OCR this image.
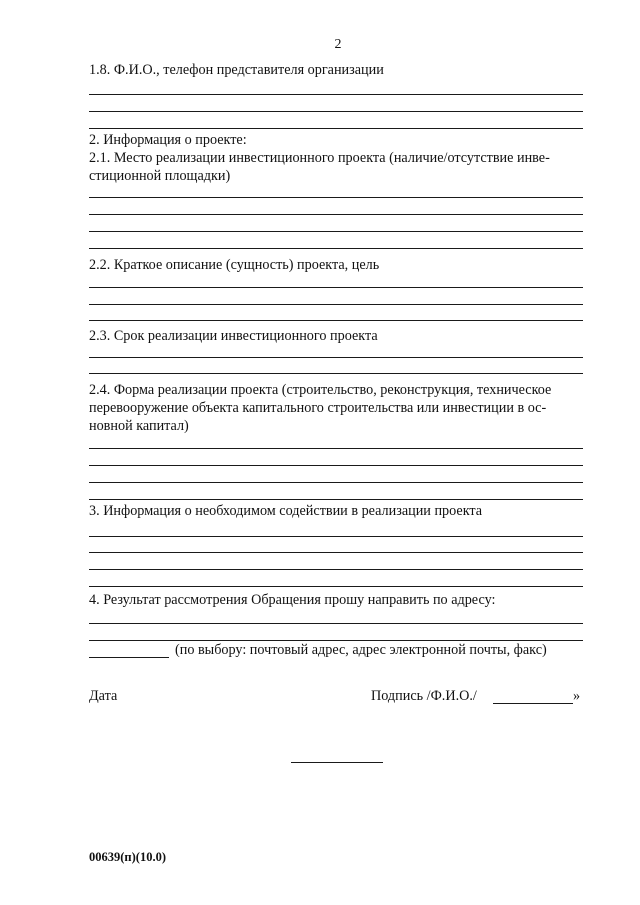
2
1.8. Ф.И.О., телефон представителя организации
2. Информация о проекте:
2.1. Место реализации инвестиционного проекта (наличие/отсутствие инве-
стиционной площадки)
2.2. Краткое описание (сущность) проекта, цель
2.3. Срок реализации инвестиционного проекта
2.4. Форма реализации проекта (строительство, реконструкция, техническое
перевооружение объекта капитального строительства или инвестиции в ос-
новной капитал)
3. Информация о необходимом содействии в реализации проекта
4. Результат рассмотрения Обращения прошу направить по адресу:
(по выбору: почтовый адрес, адрес электронной почты, факс)
Дата	Подпись /Ф.И.О./	»
00639(п)(10.0)
